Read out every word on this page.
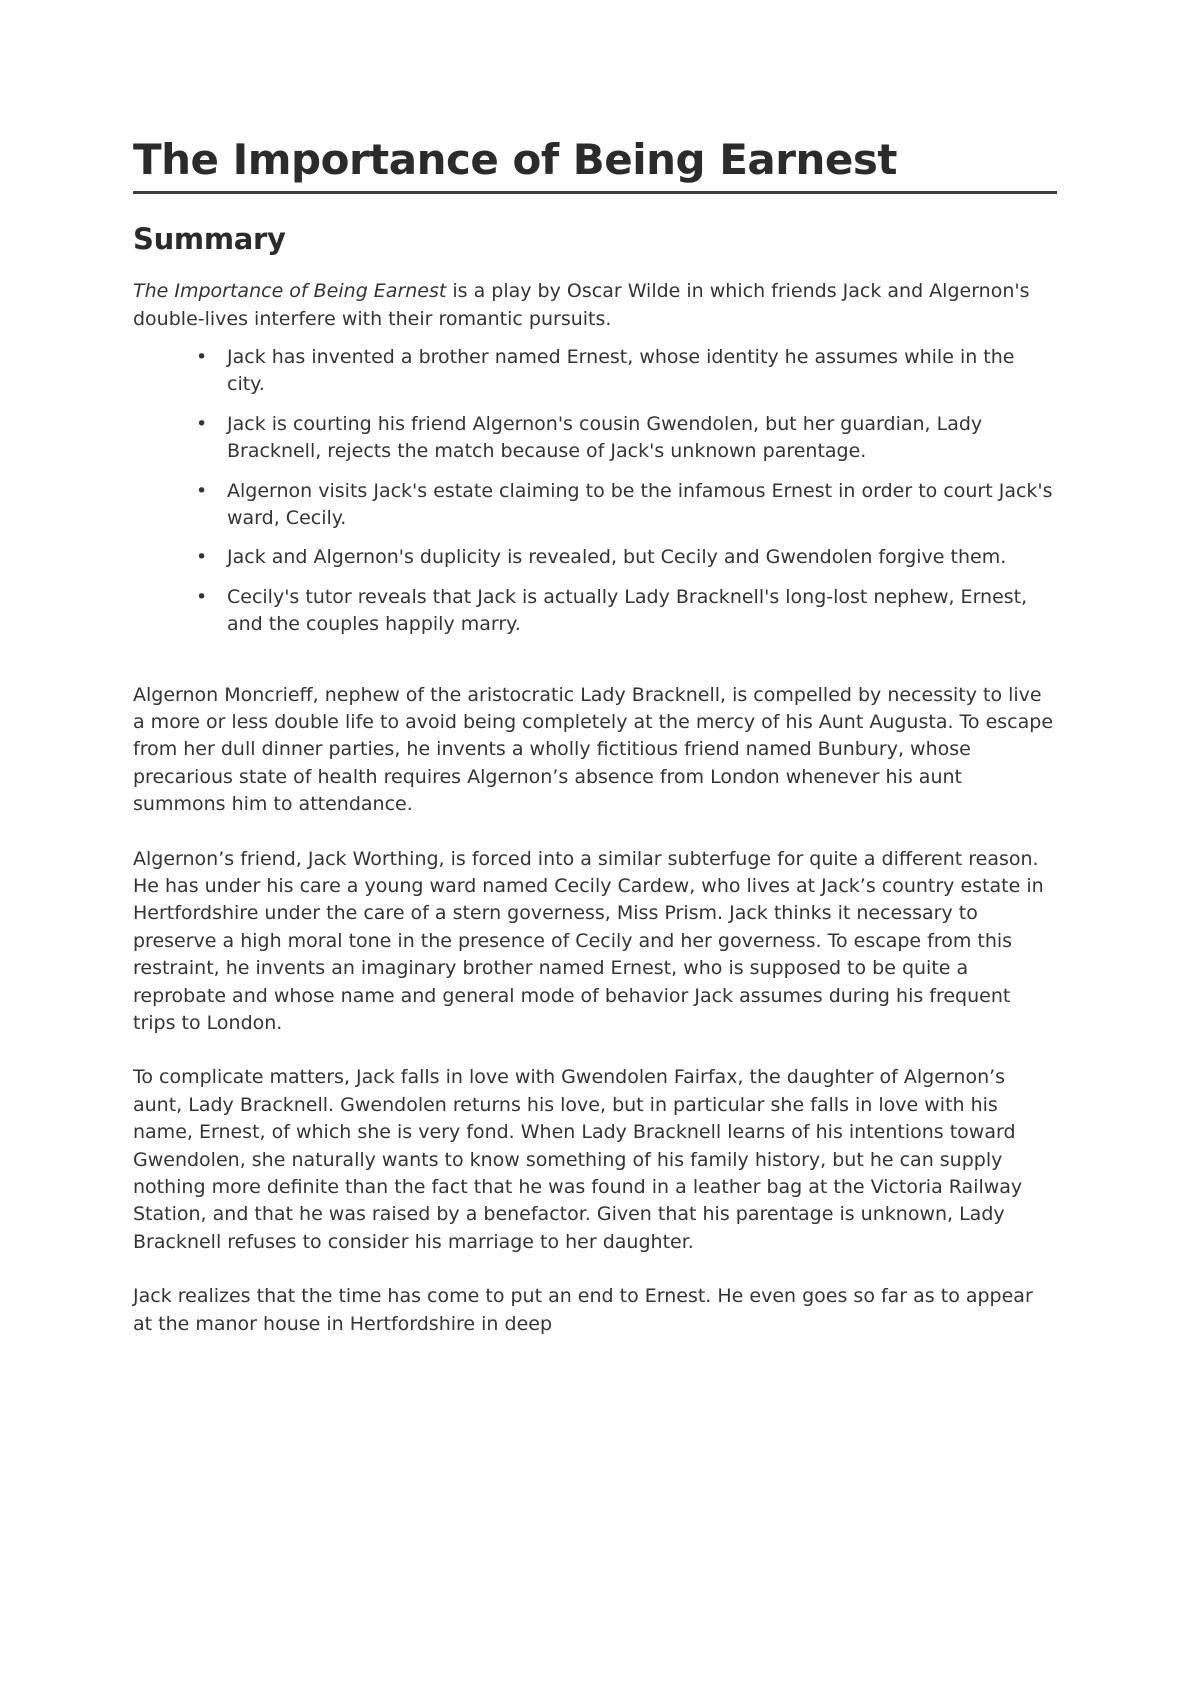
The Importance of Being Earnest
Summary

The Importance of Being Earnest is a play by Oscar Wilde in which friends Jack and Algernon's double-lives interfere with their romantic pursuits.

• Jack has invented a brother named Ernest, whose identity he assumes while in the city.
• Jack is courting his friend Algernon's cousin Gwendolen, but her guardian, Lady Bracknell, rejects the match because of Jack's unknown parentage.
• Algernon visits Jack's estate claiming to be the infamous Ernest in order to court Jack's ward, Cecily.
• Jack and Algernon's duplicity is revealed, but Cecily and Gwendolen forgive them.
• Cecily's tutor reveals that Jack is actually Lady Bracknell's long-lost nephew, Ernest, and the couples happily marry.

Algernon Moncrieff, nephew of the aristocratic Lady Bracknell, is compelled by necessity to live a more or less double life to avoid being completely at the mercy of his Aunt Augusta. To escape from her dull dinner parties, he invents a wholly fictitious friend named Bunbury, whose precarious state of health requires Algernon’s absence from London whenever his aunt summons him to attendance.

Algernon’s friend, Jack Worthing, is forced into a similar subterfuge for quite a different reason. He has under his care a young ward named Cecily Cardew, who lives at Jack’s country estate in Hertfordshire under the care of a stern governess, Miss Prism. Jack thinks it necessary to preserve a high moral tone in the presence of Cecily and her governess. To escape from this restraint, he invents an imaginary brother named Ernest, who is supposed to be quite a reprobate and whose name and general mode of behavior Jack assumes during his frequent trips to London.

To complicate matters, Jack falls in love with Gwendolen Fairfax, the daughter of Algernon’s aunt, Lady Bracknell. Gwendolen returns his love, but in particular she falls in love with his name, Ernest, of which she is very fond. When Lady Bracknell learns of his intentions toward Gwendolen, she naturally wants to know something of his family history, but he can supply nothing more definite than the fact that he was found in a leather bag at the Victoria Railway Station, and that he was raised by a benefactor. Given that his parentage is unknown, Lady Bracknell refuses to consider his marriage to her daughter.

Jack realizes that the time has come to put an end to Ernest. He even goes so far as to appear at the manor house in Hertfordshire in deep
